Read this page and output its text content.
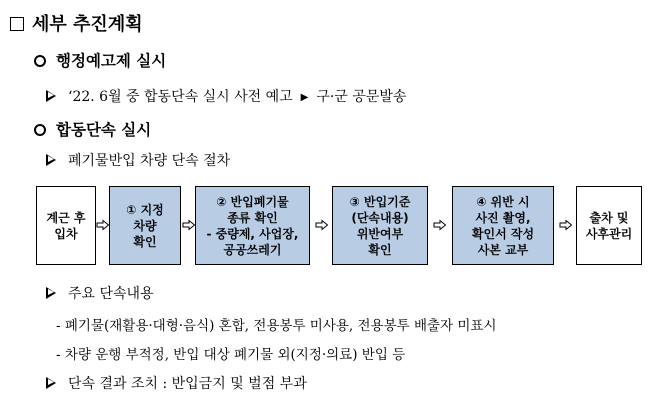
세부 추진계획
행정예고제 실시
‘22. 6월 중 합동단속 실시 사전 예고 ▶ 구·군 공문발송
합동단속 실시
폐기물반입 차량 단속 절차
계근 후
입차
① 지정
차량
확인
② 반입폐기물
종류 확인
- 중량제, 사업장,
공공쓰레기
③ 반입기준
(단속내용)
위반여부
확인
④ 위반 시
사진 촬영,
확인서 작성
사본 교부
출차 및
사후관리
주요 단속내용
- 폐기물(재활용·대형·음식) 혼합, 전용봉투 미사용, 전용봉투 배출자 미표시
- 차량 운행 부적정, 반입 대상 폐기물 외(지정·의료) 반입 등
단속 결과 조치 : 반입금지 및 벌점 부과
